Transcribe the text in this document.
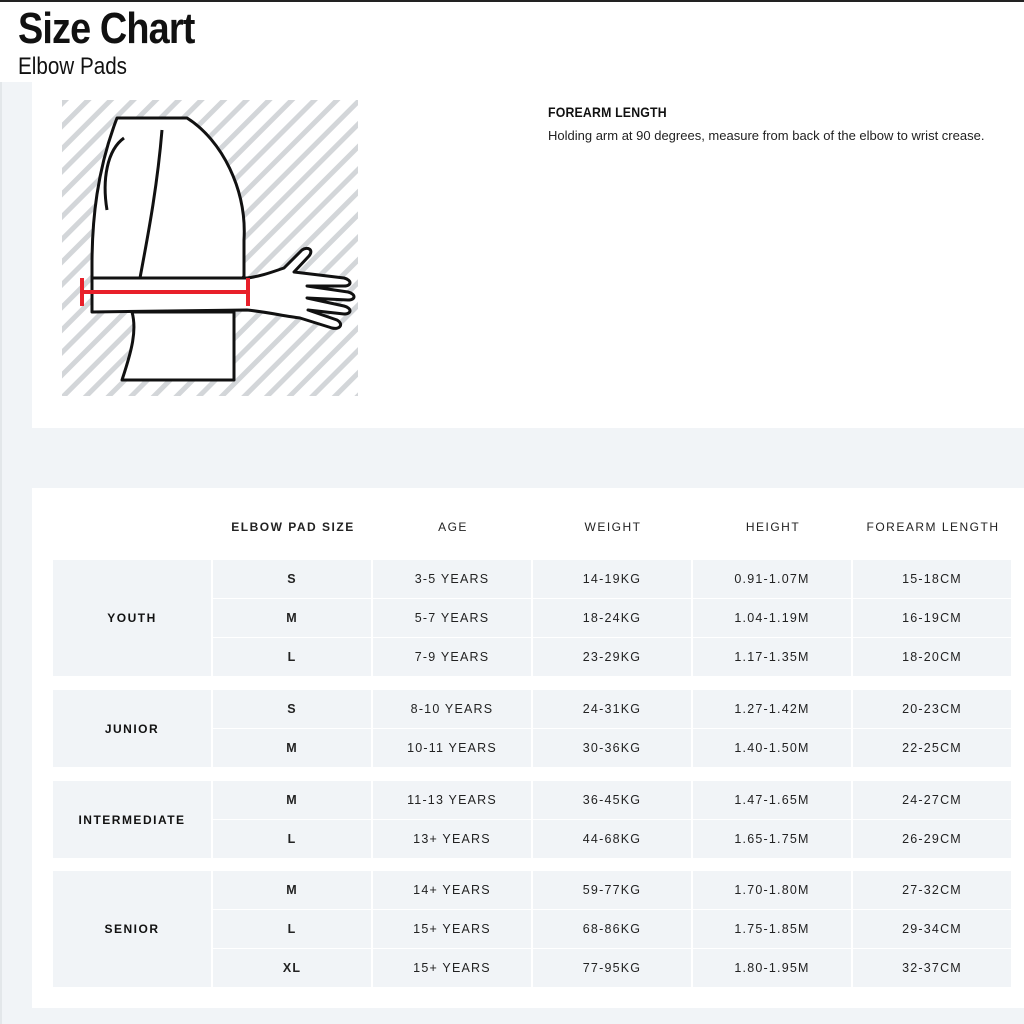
Size Chart
Elbow Pads
FOREARM LENGTH
Holding arm at 90 degrees, measure from back of the elbow to wrist crease.
ELBOW PAD SIZE	AGE	WEIGHT	HEIGHT	FOREARM LENGTH
YOUTH
S	3-5 YEARS	14-19KG	0.91-1.07M	15-18CM
M	5-7 YEARS	18-24KG	1.04-1.19M	16-19CM
L	7-9 YEARS	23-29KG	1.17-1.35M	18-20CM
JUNIOR
S	8-10 YEARS	24-31KG	1.27-1.42M	20-23CM
M	10-11 YEARS	30-36KG	1.40-1.50M	22-25CM
INTERMEDIATE
M	11-13 YEARS	36-45KG	1.47-1.65M	24-27CM
L	13+ YEARS	44-68KG	1.65-1.75M	26-29CM
SENIOR
M	14+ YEARS	59-77KG	1.70-1.80M	27-32CM
L	15+ YEARS	68-86KG	1.75-1.85M	29-34CM
XL	15+ YEARS	77-95KG	1.80-1.95M	32-37CM
